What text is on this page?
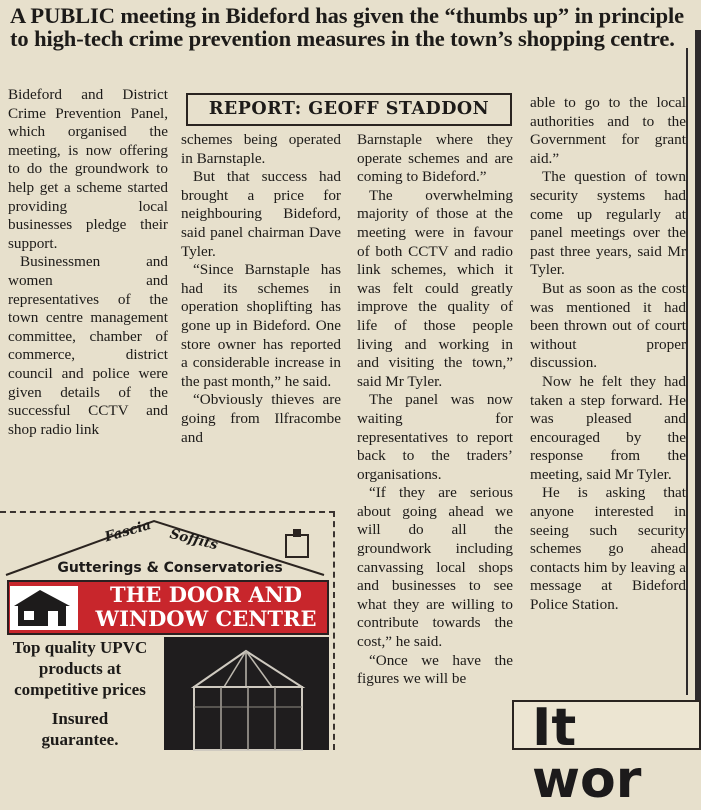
A PUBLIC meeting in Bideford has given the “thumbs up” in principle to high-tech crime prevention measures in the town’s shopping centre.
REPORT: GEOFF STADDON

Bideford and District Crime Prevention Panel, which organised the meeting, is now offering to do the groundwork to help get a scheme started providing local businesses pledge their support.

Businessmen and women and representatives of the town centre management committee, chamber of commerce, district council and police were given details of the successful CCTV and shop radio link

schemes being operated in Barnstaple.

But that success had brought a price for neighbouring Bideford, said panel chairman Dave Tyler.

“Since Barnstaple has had its schemes in operation shoplifting has gone up in Bideford. One store owner has reported a considerable increase in the past month,” he said.

“Obviously thieves are going from Ilfracombe and

Barnstaple where they operate schemes and are coming to Bideford.”

The overwhelming majority of those at the meeting were in favour of both CCTV and radio link schemes, which it was felt could greatly improve the quality of life of those people living and working in and visiting the town,” said Mr Tyler.

The panel was now waiting for representatives to report back to the traders’ organisations.

“If they are serious about going ahead we will do all the groundwork including canvassing local shops and businesses to see what they are willing to contribute towards the cost,” he said.

“Once we have the figures we will be

able to go to the local authorities and to the Government for grant aid.”

The question of town security systems had come up regularly at panel meetings over the past three years, said Mr Tyler.

But as soon as the cost was mentioned it had been thrown out of court without proper discussion.

Now he felt they had taken a step forward. He was pleased and encouraged by the response from the meeting, said Mr Tyler.

He is asking that anyone interested in seeing such security schemes go ahead contacts him by leaving a message at Bideford Police Station.

Fascia Soffits
Gutterings & Conservatories
THE DOOR AND
WINDOW CENTRE
Top quality UPVC
products at
competitive prices
Insured
guarantee.	It wor
